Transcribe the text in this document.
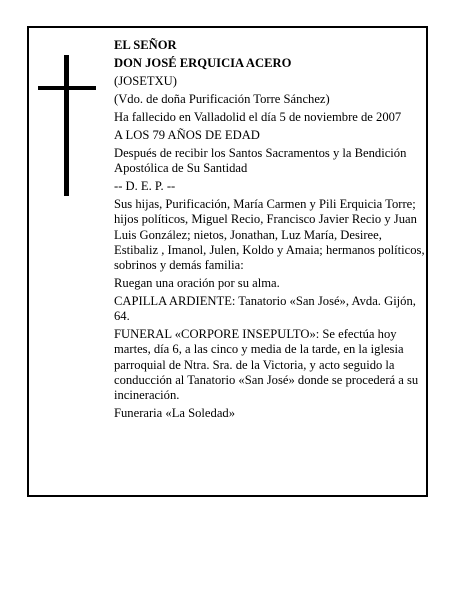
EL SEÑOR

DON JOSÉ ERQUICIA ACERO

(JOSETXU)

(Vdo. de doña Purificación Torre Sánchez)

Ha fallecido en Valladolid el día 5 de noviembre de 2007

A LOS 79 AÑOS DE EDAD

Después de recibir los Santos Sacramentos y la Bendición Apostólica de Su Santidad

-- D. E. P. --

Sus hijas, Purificación, María Carmen y Pili Erquicia Torre; hijos políticos, Miguel Recio, Francisco Javier Recio y Juan Luis González; nietos, Jonathan, Luz María, Desiree, Estibaliz , Imanol, Julen, Koldo y Amaia; hermanos políticos, sobrinos y demás familia:

Ruegan una oración por su alma.

CAPILLA ARDIENTE: Tanatorio «San José», Avda. Gijón, 64.

FUNERAL «CORPORE INSEPULTO»: Se efectúa hoy martes, día 6, a las cinco y media de la tarde, en la iglesia parroquial de Ntra. Sra. de la Victoria, y acto seguido la conducción al Tanatorio «San José» donde se procederá a su incineración.

Funeraria «La Soledad»
